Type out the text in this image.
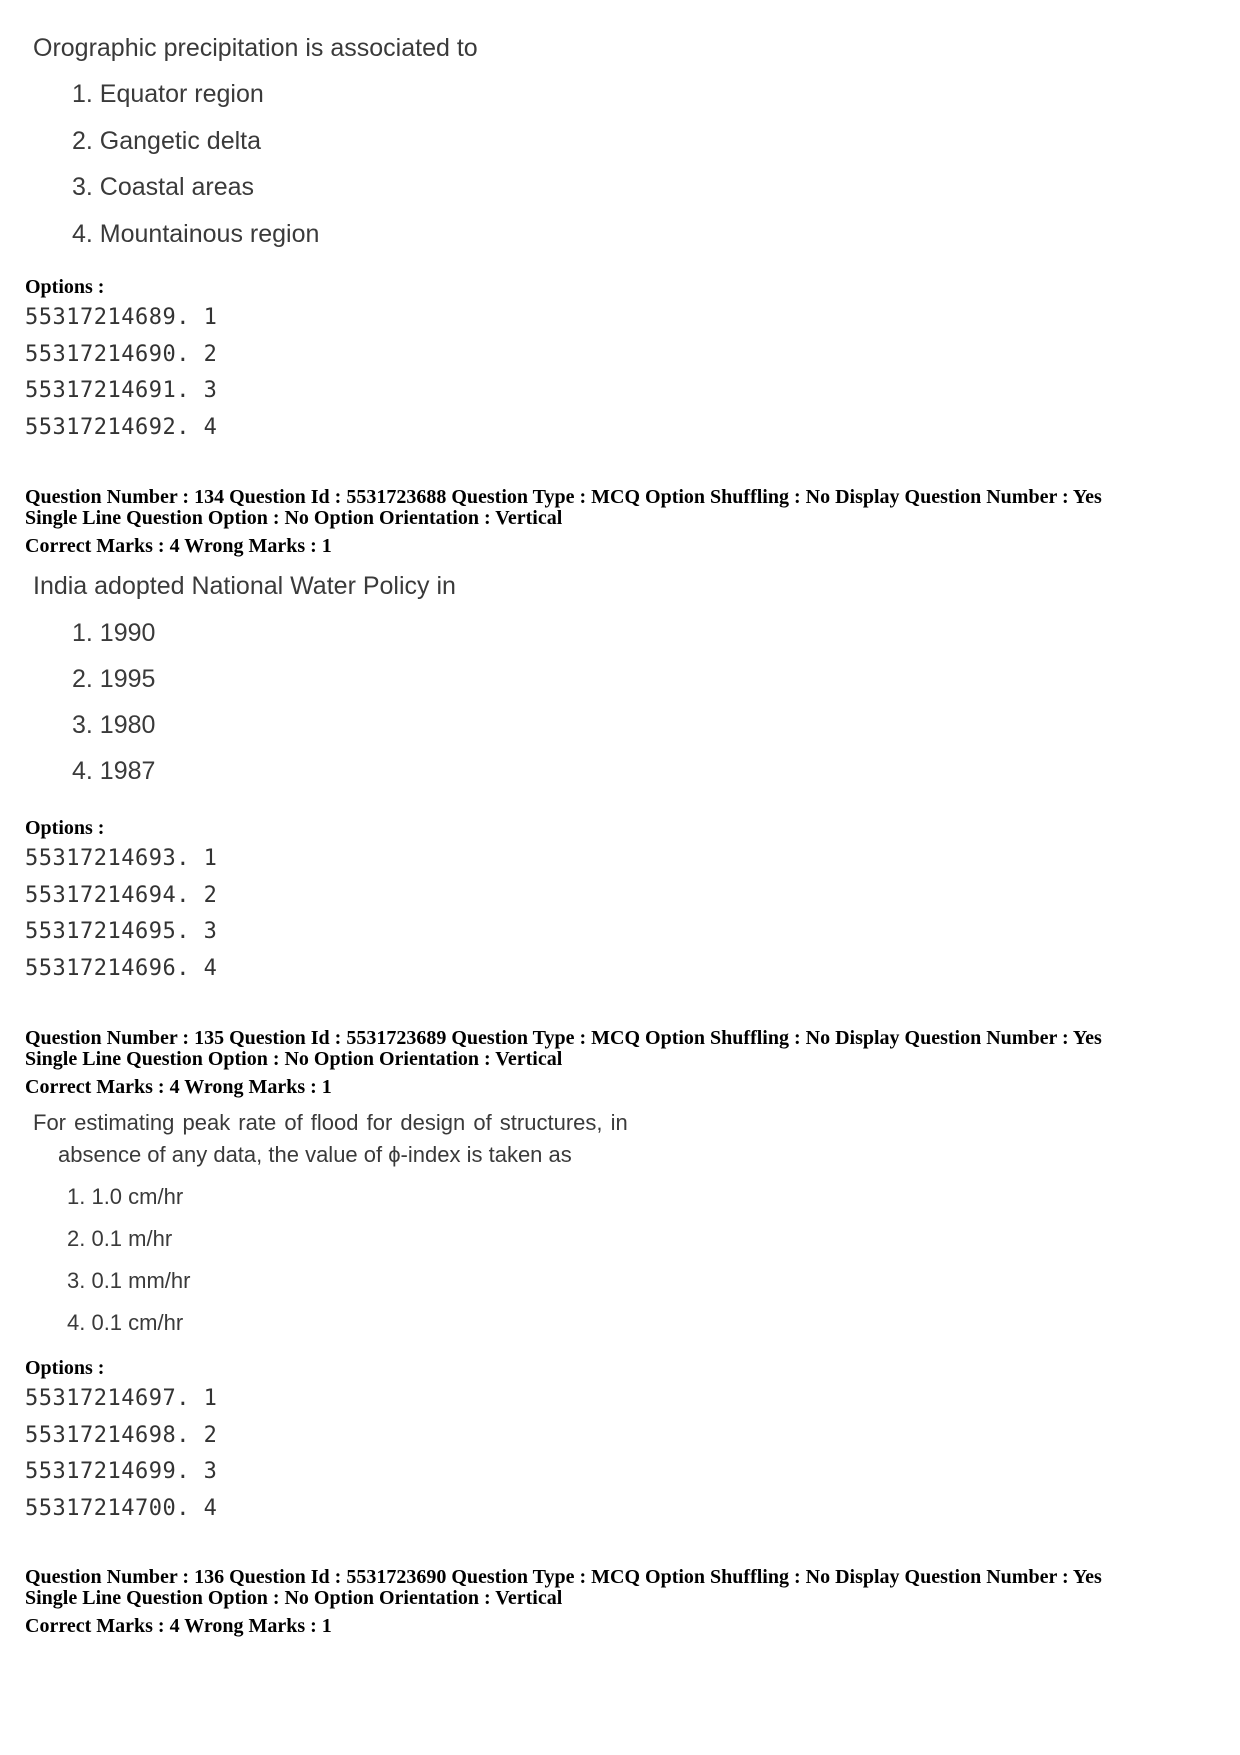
Orographic precipitation is associated to
1. Equator region
2. Gangetic delta
3. Coastal areas
4. Mountainous region
Options :
55317214689. 1
55317214690. 2
55317214691. 3
55317214692. 4
Question Number : 134 Question Id : 5531723688 Question Type : MCQ Option Shuffling : No Display Question Number : Yes
Single Line Question Option : No Option Orientation : Vertical
Correct Marks : 4 Wrong Marks : 1
India adopted National Water Policy in
1. 1990
2. 1995
3. 1980
4. 1987
Options :
55317214693. 1
55317214694. 2
55317214695. 3
55317214696. 4
Question Number : 135 Question Id : 5531723689 Question Type : MCQ Option Shuffling : No Display Question Number : Yes
Single Line Question Option : No Option Orientation : Vertical
Correct Marks : 4 Wrong Marks : 1
For estimating peak rate of flood for design of structures, in
absence of any data, the value of ϕ-index is taken as
1. 1.0 cm/hr
2. 0.1 m/hr
3. 0.1 mm/hr
4. 0.1 cm/hr
Options :
55317214697. 1
55317214698. 2
55317214699. 3
55317214700. 4
Question Number : 136 Question Id : 5531723690 Question Type : MCQ Option Shuffling : No Display Question Number : Yes
Single Line Question Option : No Option Orientation : Vertical
Correct Marks : 4 Wrong Marks : 1
